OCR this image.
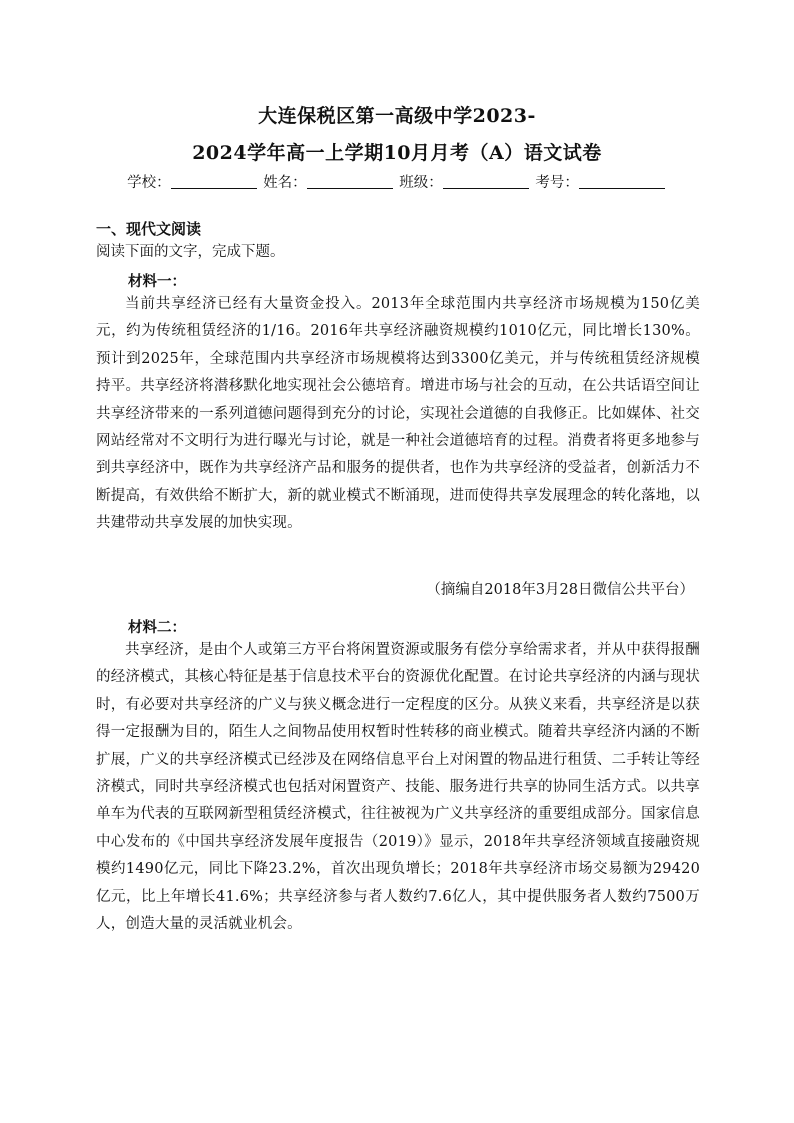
大连保税区第一高级中学2023-
2024学年高一上学期10月月考（A）语文试卷
学校：	姓名：	班级：	考号：
一、现代文阅读
阅读下面的文字，完成下题。
材料一：
当前共享经济已经有大量资金投入。2013年全球范围内共享经济市场规模为150亿美元，约为传统租赁经济的1/16。2016年共享经济融资规模约1010亿元，同比增长130%。预计到2025年，全球范围内共享经济市场规模将达到3300亿美元，并与传统租赁经济规模持平。共享经济将潜移默化地实现社会公德培育。增进市场与社会的互动，在公共话语空间让共享经济带来的一系列道德问题得到充分的讨论，实现社会道德的自我修正。比如媒体、社交网站经常对不文明行为进行曝光与讨论，就是一种社会道德培育的过程。消费者将更多地参与到共享经济中，既作为共享经济产品和服务的提供者，也作为共享经济的受益者，创新活力不断提高，有效供给不断扩大，新的就业模式不断涌现，进而使得共享发展理念的转化落地，以共建带动共享发展的加快实现。
（摘编自2018年3月28日微信公共平台）
材料二：
共享经济，是由个人或第三方平台将闲置资源或服务有偿分享给需求者，并从中获得报酬的经济模式，其核心特征是基于信息技术平台的资源优化配置。在讨论共享经济的内涵与现状时，有必要对共享经济的广义与狭义概念进行一定程度的区分。从狭义来看，共享经济是以获得一定报酬为目的，陌生人之间物品使用权暂时性转移的商业模式。随着共享经济内涵的不断扩展，广义的共享经济模式已经涉及在网络信息平台上对闲置的物品进行租赁、二手转让等经济模式，同时共享经济模式也包括对闲置资产、技能、服务进行共享的协同生活方式。以共享单车为代表的互联网新型租赁经济模式，往往被视为广义共享经济的重要组成部分。国家信息中心发布的《中国共享经济发展年度报告（2019）》显示，2018年共享经济领域直接融资规模约1490亿元，同比下降23.2%，首次出现负增长；2018年共享经济市场交易额为29420亿元，比上年增长41.6%；共享经济参与者人数约7.6亿人，其中提供服务者人数约7500万人，创造大量的灵活就业机会。
